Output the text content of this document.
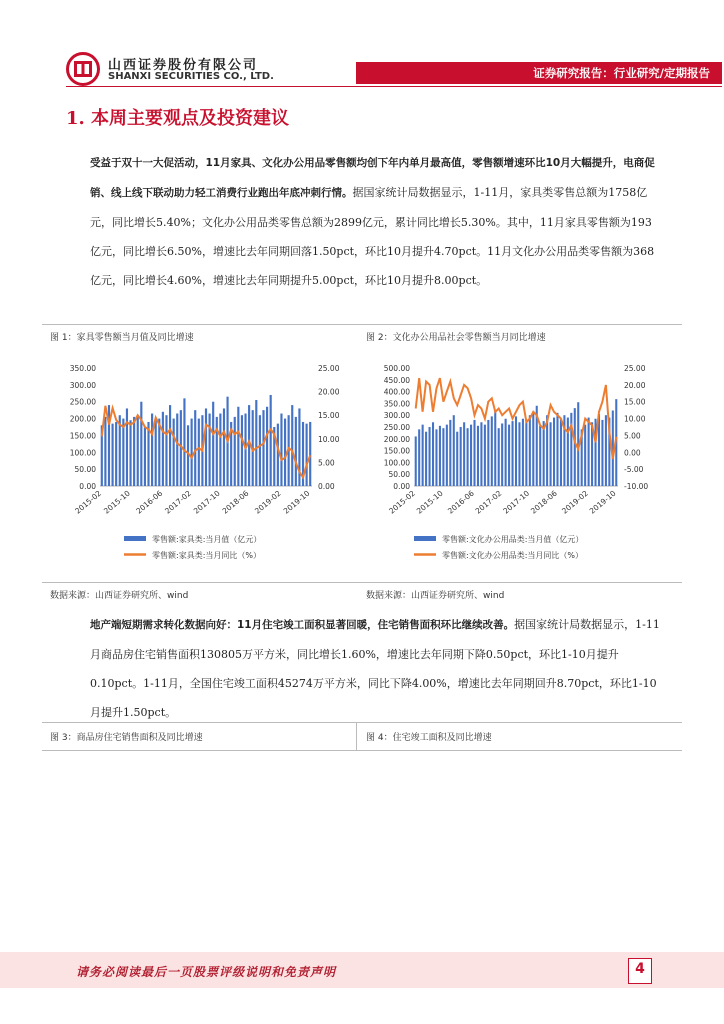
山西证券股份有限公司
SHANXI SECURITIES CO., LTD.	证券研究报告：行业研究/定期报告
1. 本周主要观点及投资建议

受益于双十一大促活动，11月家具、文化办公用品零售额均创下年内单月最高值，零售额增速环比10月大幅提升，电商促销、线上线下联动助力轻工消费行业跑出年底冲刺行情。据国家统计局数据显示，1-11月，家具类零售总额为1758亿元，同比增长5.40%；文化办公用品类零售总额为2899亿元，累计同比增长5.30%。其中，11月家具零售额为193亿元，同比增长6.50%，增速比去年同期回落1.50pct，环比10月提升4.70pct。11月文化办公用品类零售额为368亿元，同比增长4.60%，增速比去年同期提升5.00pct，环比10月提升8.00pct。

图 1：家具零售额当月值及同比增速	图 2：文化办公用品社会零售额当月同比增速
0.00
50.00
100.00
150.00
200.00
250.00
300.00
350.00
0.00
5.00
10.00
15.00
20.00
25.00
2015-02
2015-10 2016-06
2017-02
2017-10
2018-06 2019-02
2019-10
零售额:家具类:当月值（亿元）
零售额:家具类:当月同比（%）
0.00
50.00
100.00
150.00
200.00
250.00
300.00
350.00
400.00
450.00
500.00
-10.00
-5.00
0.00
5.00
10.00
15.00
20.00
25.00
2015-02
2015-10 2016-06
2017-02
2017-10
2018-06 2019-02
2019-10
零售额:文化办公用品类:当月值（亿元）
零售额:文化办公用品类:当月同比（%）
数据来源：山西证券研究所、wind	数据来源：山西证券研究所、wind

地产端短期需求转化数据向好：11月住宅竣工面积显著回暖，住宅销售面积环比继续改善。据国家统计局数据显示，1-11月商品房住宅销售面积130805万平方米，同比增长1.60%，增速比去年同期下降0.50pct，环比1-10月提升0.10pct。1-11月，全国住宅竣工面积45274万平方米，同比下降4.00%，增速比去年同期回升8.70pct，环比1-10月提升1.50pct。

图 3：商品房住宅销售面积及同比增速	图 4：住宅竣工面积及同比增速
请务必阅读最后一页股票评级说明和免责声明	4
